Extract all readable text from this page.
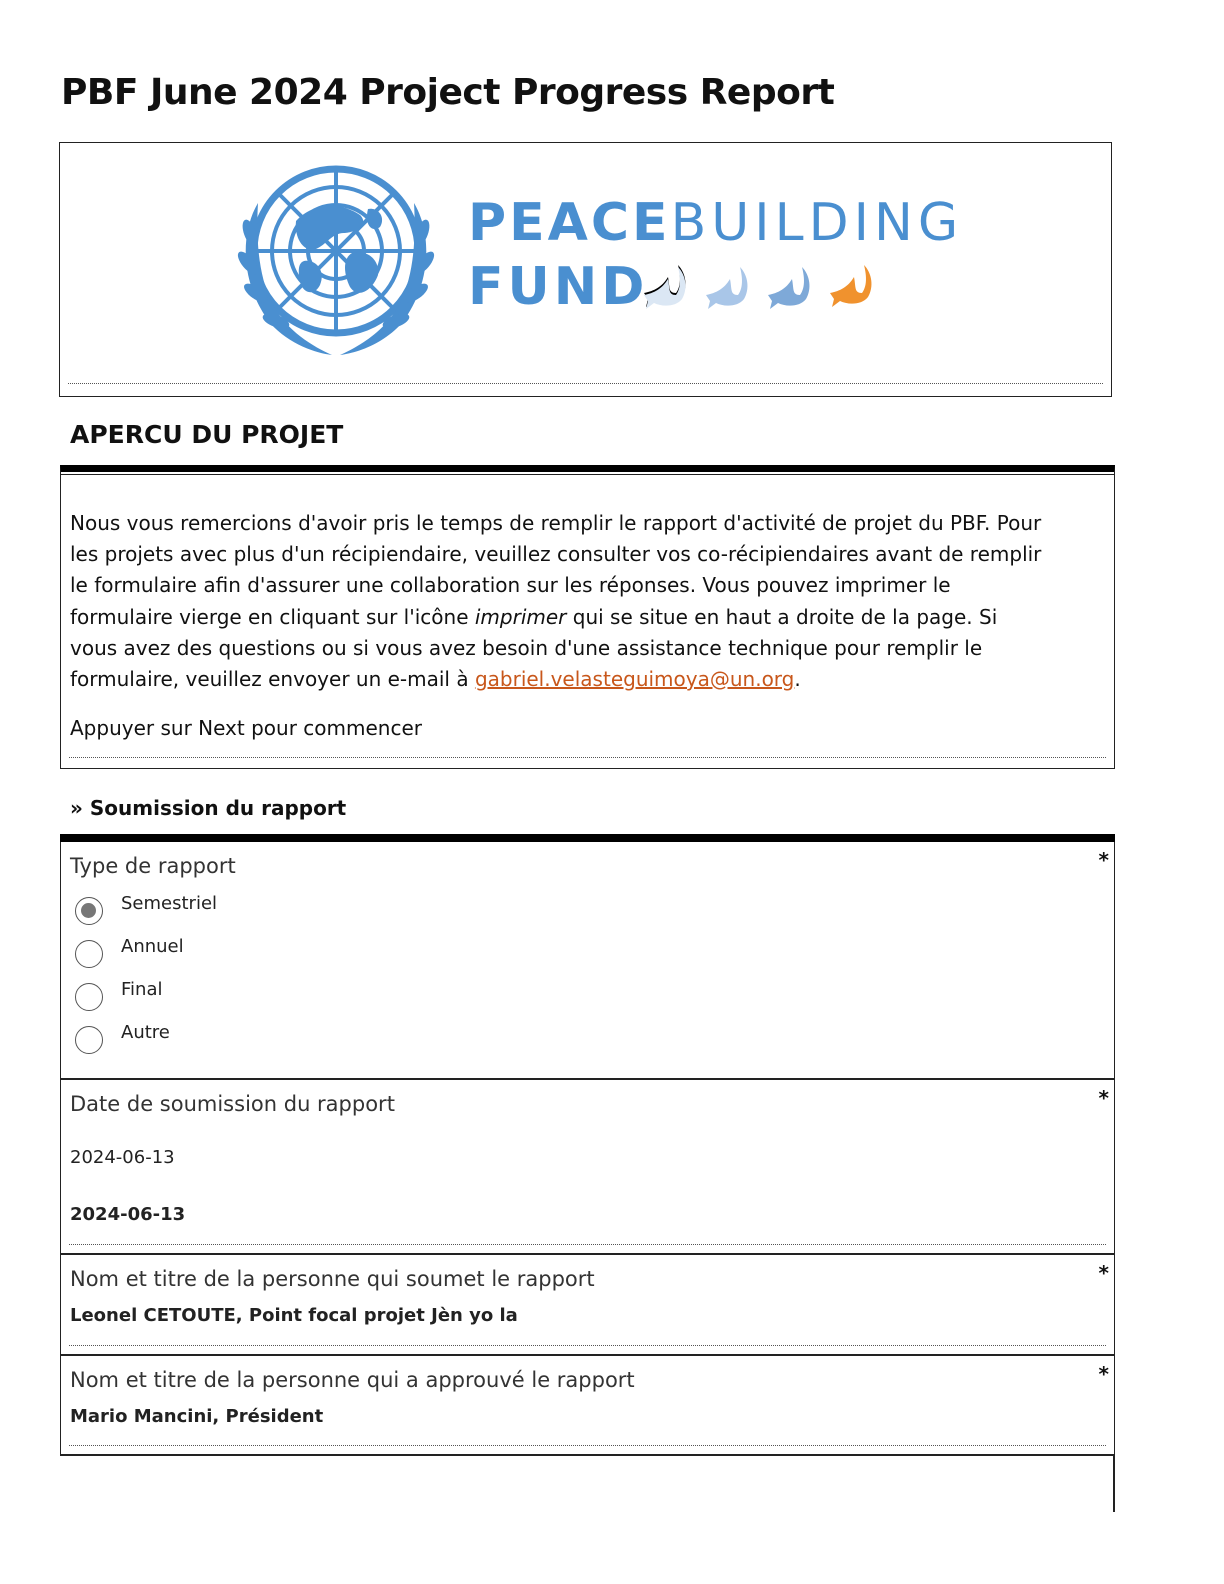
PBF June 2024 Project Progress Report
PEACEBUILDING
FUND
APERCU DU PROJET

Nous vous remercions d'avoir pris le temps de remplir le rapport d'activité de projet du PBF. Pour les projets avec plus d'un récipiendaire, veuillez consulter vos co-récipiendaires avant de remplir le formulaire afin d'assurer une collaboration sur les réponses. Vous pouvez imprimer le formulaire vierge en cliquant sur l'icône imprimer qui se situe en haut a droite de la page. Si vous avez des questions ou si vous avez besoin d'une assistance technique pour remplir le formulaire, veuillez envoyer un e-mail à gabriel.velasteguimoya@un.org.

Appuyer sur Next pour commencer

» Soumission du rapport
*
Type de rapport
Semestriel
Annuel
Final
Autre
*
Date de soumission du rapport
2024-06-13
2024-06-13
*
Nom et titre de la personne qui soumet le rapport
Leonel CETOUTE, Point focal projet Jèn yo la
*
Nom et titre de la personne qui a approuvé le rapport
Mario Mancini, Président
